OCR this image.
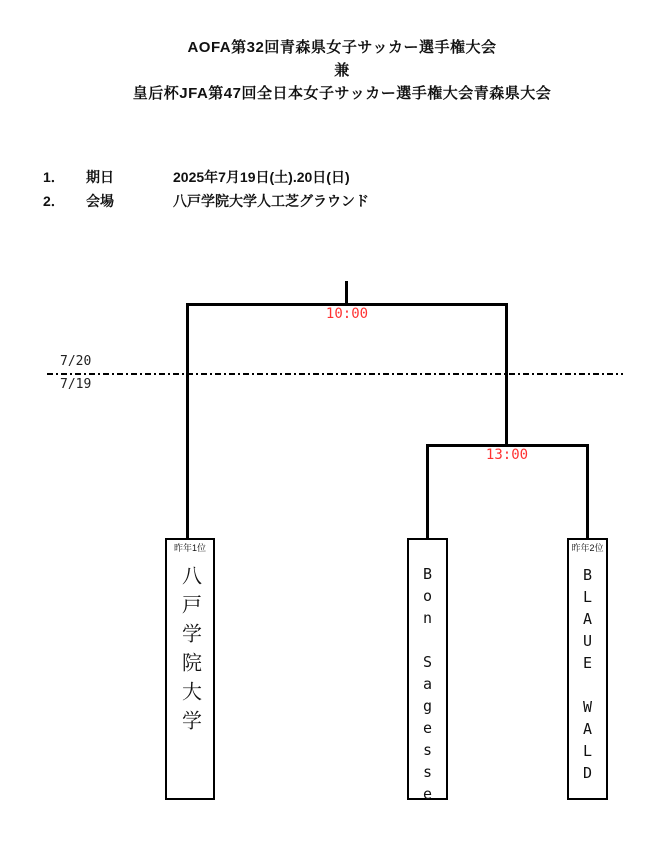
AOFA第32回青森県女子サッカー選手権大会
兼
皇后杯JFA第47回全日本女子サッカー選手権大会青森県大会
1．	期日	2025年7月19日(土).20日(日)
2．	会場	八戸学院大学人工芝グラウンド
7/20
7/19
10:00
13:00
昨年1位
八戸学院大学	Bon Sagesse
昨年2位
BLAUE WALD
